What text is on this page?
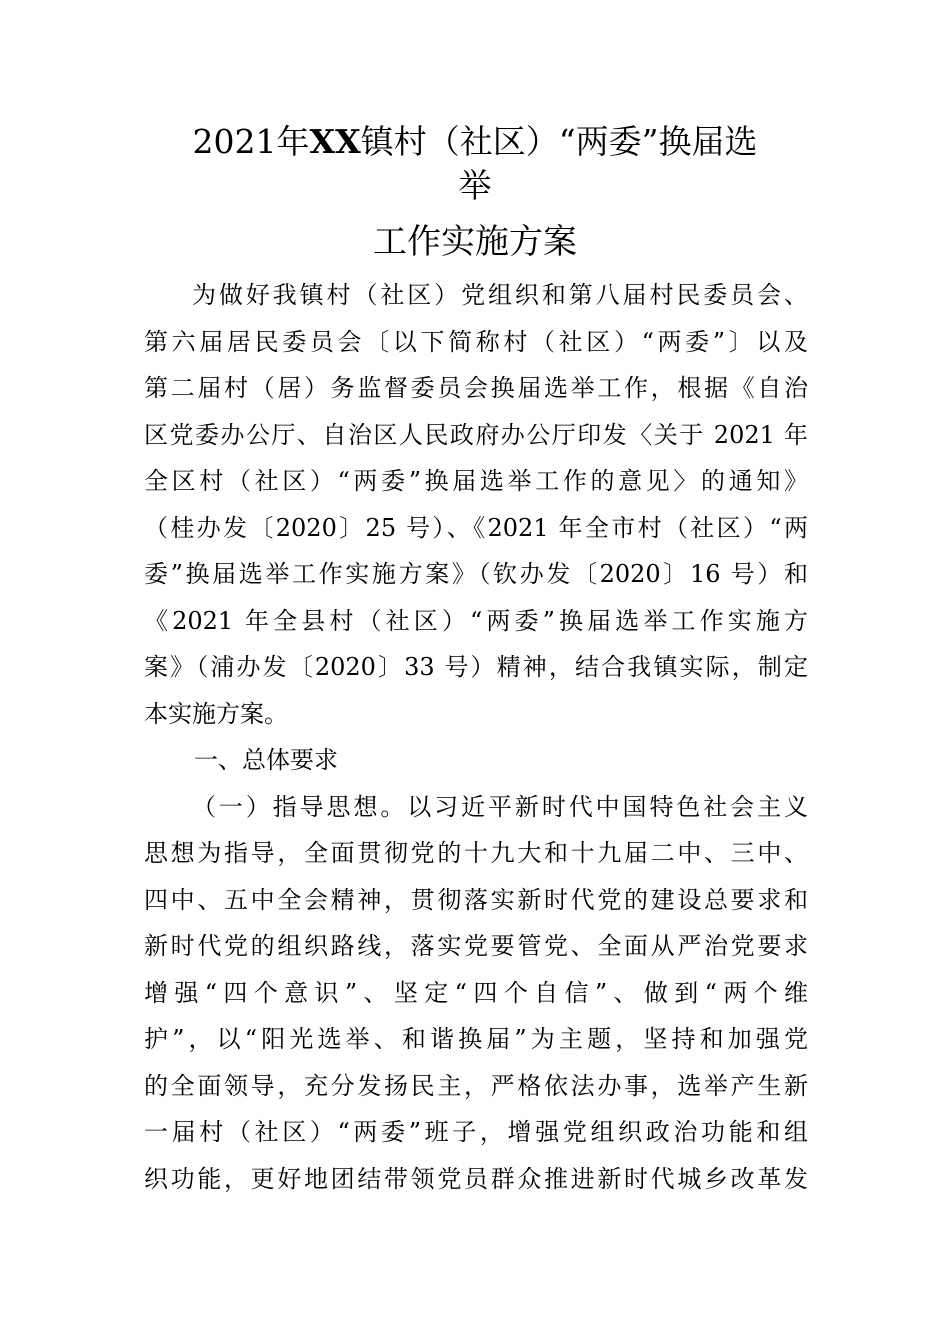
2021年XX镇村（社区）“两委”换届选
举
工作实施方案
为做好我镇村（社区）党组织和第八届村民委员会、
第六届居民委员会〔以下简称村（社区）“两委”〕以及
第二届村（居）务监督委员会换届选举工作，根据《自治
区党委办公厅、自治区人民政府办公厅印发〈关于 2021 年
全区村（社区）“两委”换届选举工作的意见〉的通知》
（桂办发〔2020〕25 号）、《2021 年全市村（社区）“两
委”换届选举工作实施方案》（钦办发〔2020〕16 号）和
《2021 年全县村（社区）“两委”换届选举工作实施方
案》（浦办发〔2020〕33 号）精神，结合我镇实际，制定
本实施方案。
一、总体要求
（一）指导思想。以习近平新时代中国特色社会主义
思想为指导，全面贯彻党的十九大和十九届二中、三中、
四中、五中全会精神，贯彻落实新时代党的建设总要求和
新时代党的组织路线，落实党要管党、全面从严治党要求
增强“四个意识”、坚定“四个自信”、做到“两个维
护”，以“阳光选举、和谐换届”为主题，坚持和加强党
的全面领导，充分发扬民主，严格依法办事，选举产生新
一届村（社区）“两委”班子，增强党组织政治功能和组
织功能，更好地团结带领党员群众推进新时代城乡改革发
